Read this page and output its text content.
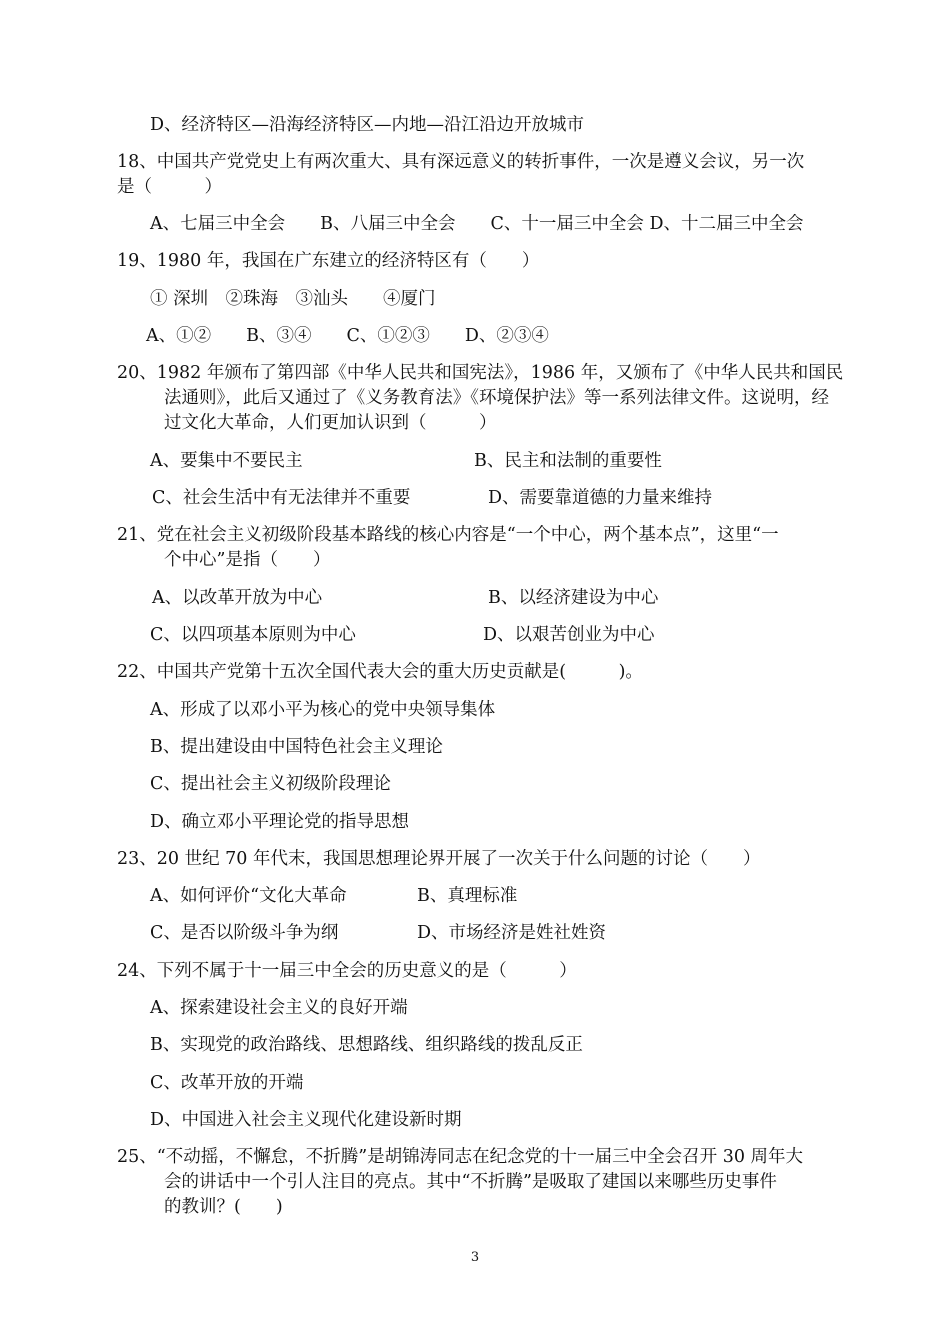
D、经济特区—沿海经济特区—内地—沿江沿边开放城市
18、中国共产党党史上有两次重大、具有深远意义的转折事件，一次是遵义会议，另一次
是（　　　）
A、七届三中全会　　B、八届三中全会　　C、十一届三中全会 D、十二届三中全会
19、1980 年，我国在广东建立的经济特区有（　　）
① 深圳　②珠海　③汕头　　④厦门
A、①②　　B、③④　　C、①②③　　D、②③④
20、1982 年颁布了第四部《中华人民共和国宪法》，1986 年，又颁布了《中华人民共和国民
法通则》，此后又通过了《义务教育法》《环境保护法》等一系列法律文件。这说明，经
过文化大革命，人们更加认识到（　　　）
A、要集中不要民主	B、民主和法制的重要性
C、社会生活中有无法律并不重要	D、需要靠道德的力量来维持
21、党在社会主义初级阶段基本路线的核心内容是“一个中心，两个基本点”，这里“一
个中心”是指（　　）
A、以改革开放为中心	B、以经济建设为中心
C、以四项基本原则为中心	D、以艰苦创业为中心
22、中国共产党第十五次全国代表大会的重大历史贡献是(　　　)。
A、形成了以邓小平为核心的党中央领导集体
B、提出建设由中国特色社会主义理论
C、提出社会主义初级阶段理论
D、确立邓小平理论党的指导思想
23、20 世纪 70 年代末，我国思想理论界开展了一次关于什么问题的讨论（　　）
A、如何评价“文化大革命	B、真理标准
C、是否以阶级斗争为纲	D、市场经济是姓社姓资
24、下列不属于十一届三中全会的历史意义的是（　　　）
A、探索建设社会主义的良好开端
B、实现党的政治路线、思想路线、组织路线的拨乱反正
C、改革开放的开端
D、中国进入社会主义现代化建设新时期
25、“不动摇，不懈怠，不折腾”是胡锦涛同志在纪念党的十一届三中全会召开 30 周年大
会的讲话中一个引人注目的亮点。其中“不折腾”是吸取了建国以来哪些历史事件
的教训？(　　)
3
